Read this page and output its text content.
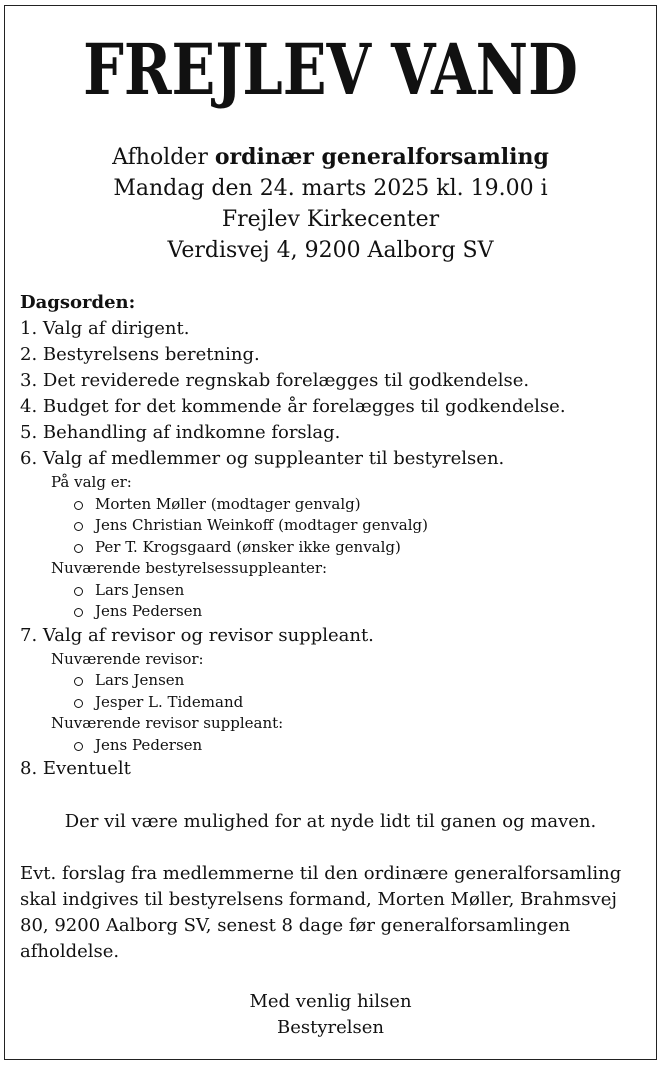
FREJLEV VAND
Afholder ordinær generalforsamling
Mandag den 24. marts 2025 kl. 19.00 i
Frejlev Kirkecenter
Verdisvej 4, 9200 Aalborg SV
Dagsorden:
1. Valg af dirigent.
2. Bestyrelsens beretning.
3. Det reviderede regnskab forelægges til godkendelse.
4. Budget for det kommende år forelægges til godkendelse.
5. Behandling af indkomne forslag.
6. Valg af medlemmer og suppleanter til bestyrelsen.
På valg er:
Morten Møller (modtager genvalg)
Jens Christian Weinkoff (modtager genvalg)
Per T. Krogsgaard (ønsker ikke genvalg)
Nuværende bestyrelsessuppleanter:
Lars Jensen
Jens Pedersen
7. Valg af revisor og revisor suppleant.
Nuværende revisor:
Lars Jensen
Jesper L. Tidemand
Nuværende revisor suppleant:
Jens Pedersen
8. Eventuelt
Der vil være mulighed for at nyde lidt til ganen og maven.
Evt. forslag fra medlemmerne til den ordinære generalforsamling skal indgives til bestyrelsens formand, Morten Møller, Brahmsvej 80, 9200 Aalborg SV, senest 8 dage før generalforsamlingen afholdelse.
Med venlig hilsen
Bestyrelsen
